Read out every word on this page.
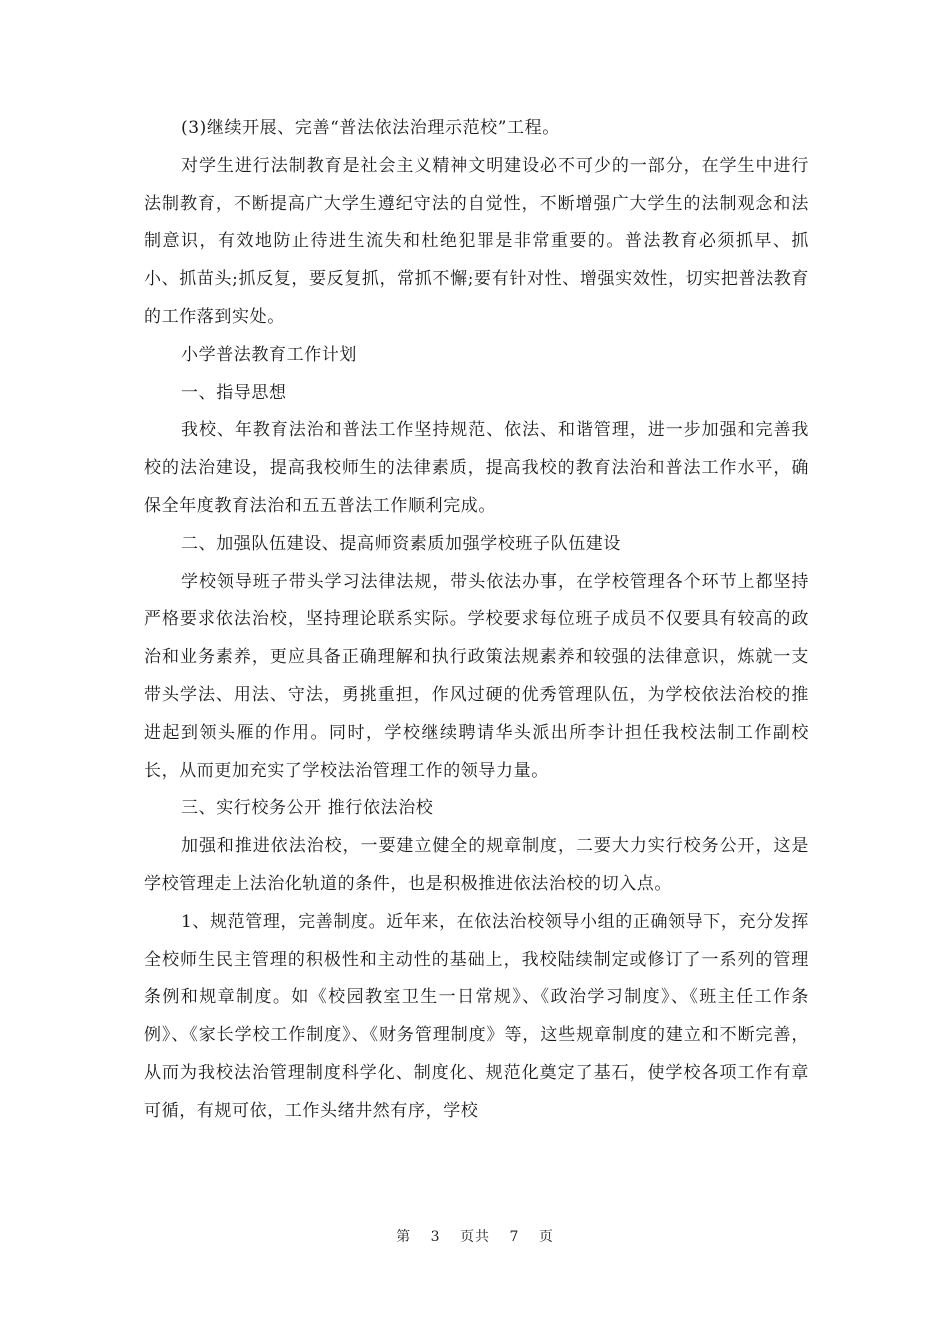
(3)继续开展、完善“普法依法治理示范校”工程。

对学生进行法制教育是社会主义精神文明建设必不可少的一部分，在学生中进行法制教育，不断提高广大学生遵纪守法的自觉性，不断增强广大学生的法制观念和法制意识，有效地防止待进生流失和杜绝犯罪是非常重要的。普法教育必须抓早、抓小、抓苗头;抓反复，要反复抓，常抓不懈;要有针对性、增强实效性，切实把普法教育的工作落到实处。

小学普法教育工作计划

一、指导思想

我校、年教育法治和普法工作坚持规范、依法、和谐管理，进一步加强和完善我校的法治建设，提高我校师生的法律素质，提高我校的教育法治和普法工作水平，确保全年度教育法治和五五普法工作顺利完成。

二、加强队伍建设、提高师资素质加强学校班子队伍建设

学校领导班子带头学习法律法规，带头依法办事，在学校管理各个环节上都坚持严格要求依法治校，坚持理论联系实际。学校要求每位班子成员不仅要具有较高的政治和业务素养，更应具备正确理解和执行政策法规素养和较强的法律意识，炼就一支带头学法、用法、守法，勇挑重担，作风过硬的优秀管理队伍，为学校依法治校的推进起到领头雁的作用。同时，学校继续聘请华头派出所李计担任我校法制工作副校长，从而更加充实了学校法治管理工作的领导力量。

三、实行校务公开 推行依法治校

加强和推进依法治校，一要建立健全的规章制度，二要大力实行校务公开，这是学校管理走上法治化轨道的条件，也是积极推进依法治校的切入点。

1、规范管理，完善制度。近年来，在依法治校领导小组的正确领导下，充分发挥全校师生民主管理的积极性和主动性的基础上，我校陆续制定或修订了一系列的管理条例和规章制度。如《校园教室卫生一日常规》、《政治学习制度》、《班主任工作条例》、《家长学校工作制度》、《财务管理制度》等，这些规章制度的建立和不断完善，从而为我校法治管理制度科学化、制度化、规范化奠定了基石，使学校各项工作有章可循，有规可依，工作头绪井然有序，学校

第 3 页共 7 页
